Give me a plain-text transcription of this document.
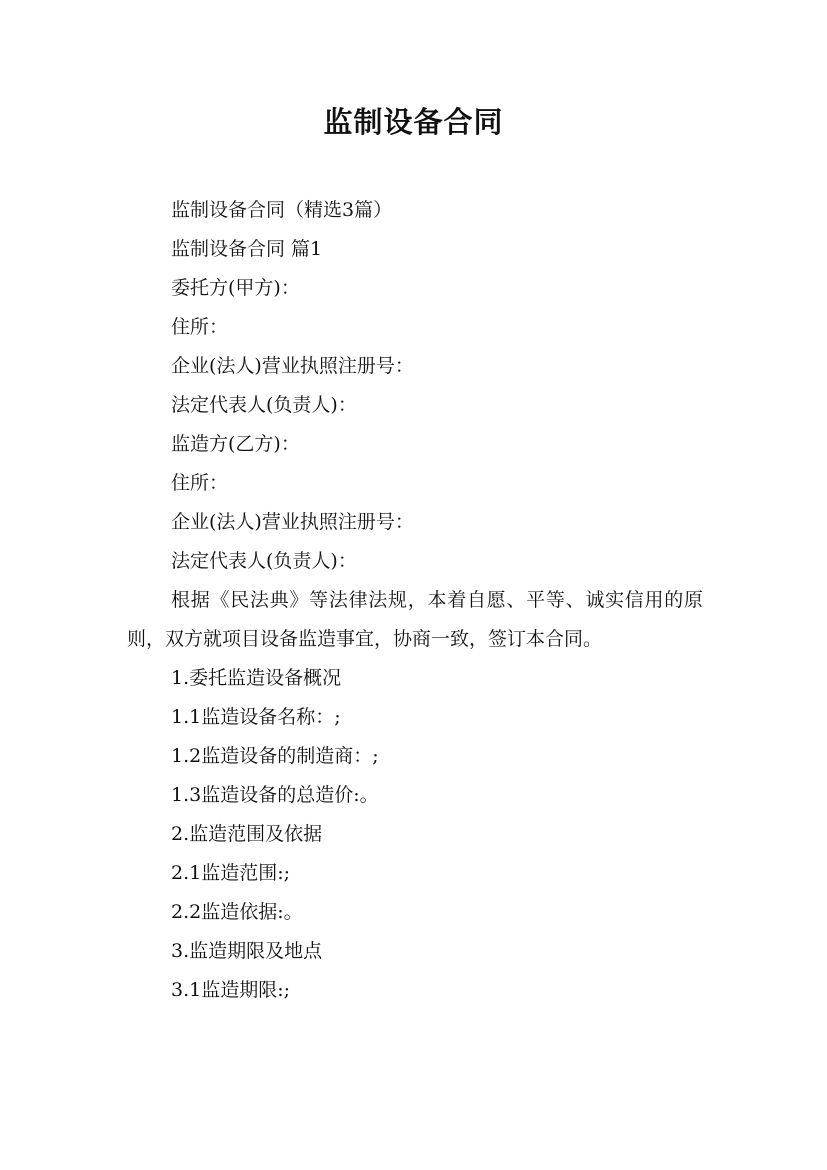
监制设备合同

监制设备合同（精选3篇）

监制设备合同 篇1

委托方(甲方)：

住所：

企业(法人)营业执照注册号：

法定代表人(负责人)：

监造方(乙方)：

住所：

企业(法人)营业执照注册号：

法定代表人(负责人)：

根据《民法典》等法律法规，本着自愿、平等、诚实信用的原则，双方就项目设备监造事宜，协商一致，签订本合同。

1.委托监造设备概况

1.1监造设备名称：;

1.2监造设备的制造商：;

1.3监造设备的总造价:。

2.监造范围及依据

2.1监造范围:;

2.2监造依据:。

3.监造期限及地点

3.1监造期限:;
